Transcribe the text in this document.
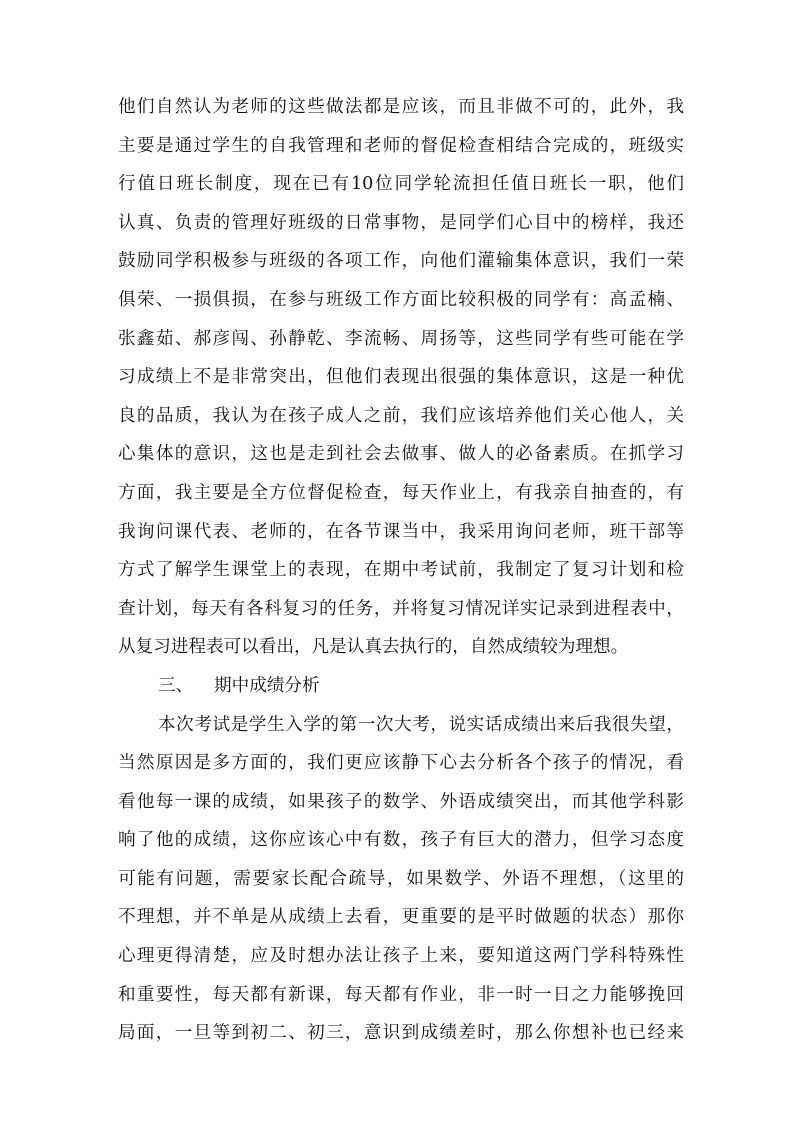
他们自然认为老师的这些做法都是应该，而且非做不可的，此外，我
主要是通过学生的自我管理和老师的督促检查相结合完成的，班级实
行值日班长制度，现在已有10位同学轮流担任值日班长一职，他们
认真、负责的管理好班级的日常事物，是同学们心目中的榜样，我还
鼓励同学积极参与班级的各项工作，向他们灌输集体意识，我们一荣
俱荣、一损俱损，在参与班级工作方面比较积极的同学有：高孟楠、
张鑫茹、郝彦闯、孙静乾、李流畅、周扬等，这些同学有些可能在学
习成绩上不是非常突出，但他们表现出很强的集体意识，这是一种优
良的品质，我认为在孩子成人之前，我们应该培养他们关心他人，关
心集体的意识，这也是走到社会去做事、做人的必备素质。在抓学习
方面，我主要是全方位督促检查，每天作业上，有我亲自抽查的，有
我询问课代表、老师的，在各节课当中，我采用询问老师，班干部等
方式了解学生课堂上的表现，在期中考试前，我制定了复习计划和检
查计划，每天有各科复习的任务，并将复习情况详实记录到进程表中，
从复习进程表可以看出，凡是认真去执行的，自然成绩较为理想。
三、 期中成绩分析
本次考试是学生入学的第一次大考，说实话成绩出来后我很失望，
当然原因是多方面的，我们更应该静下心去分析各个孩子的情况，看
看他每一课的成绩，如果孩子的数学、外语成绩突出，而其他学科影
响了他的成绩，这你应该心中有数，孩子有巨大的潜力，但学习态度
可能有问题，需要家长配合疏导，如果数学、外语不理想，（这里的
不理想，并不单是从成绩上去看，更重要的是平时做题的状态）那你
心理更得清楚，应及时想办法让孩子上来，要知道这两门学科特殊性
和重要性，每天都有新课，每天都有作业，非一时一日之力能够挽回
局面，一旦等到初二、初三，意识到成绩差时，那么你想补也已经来
